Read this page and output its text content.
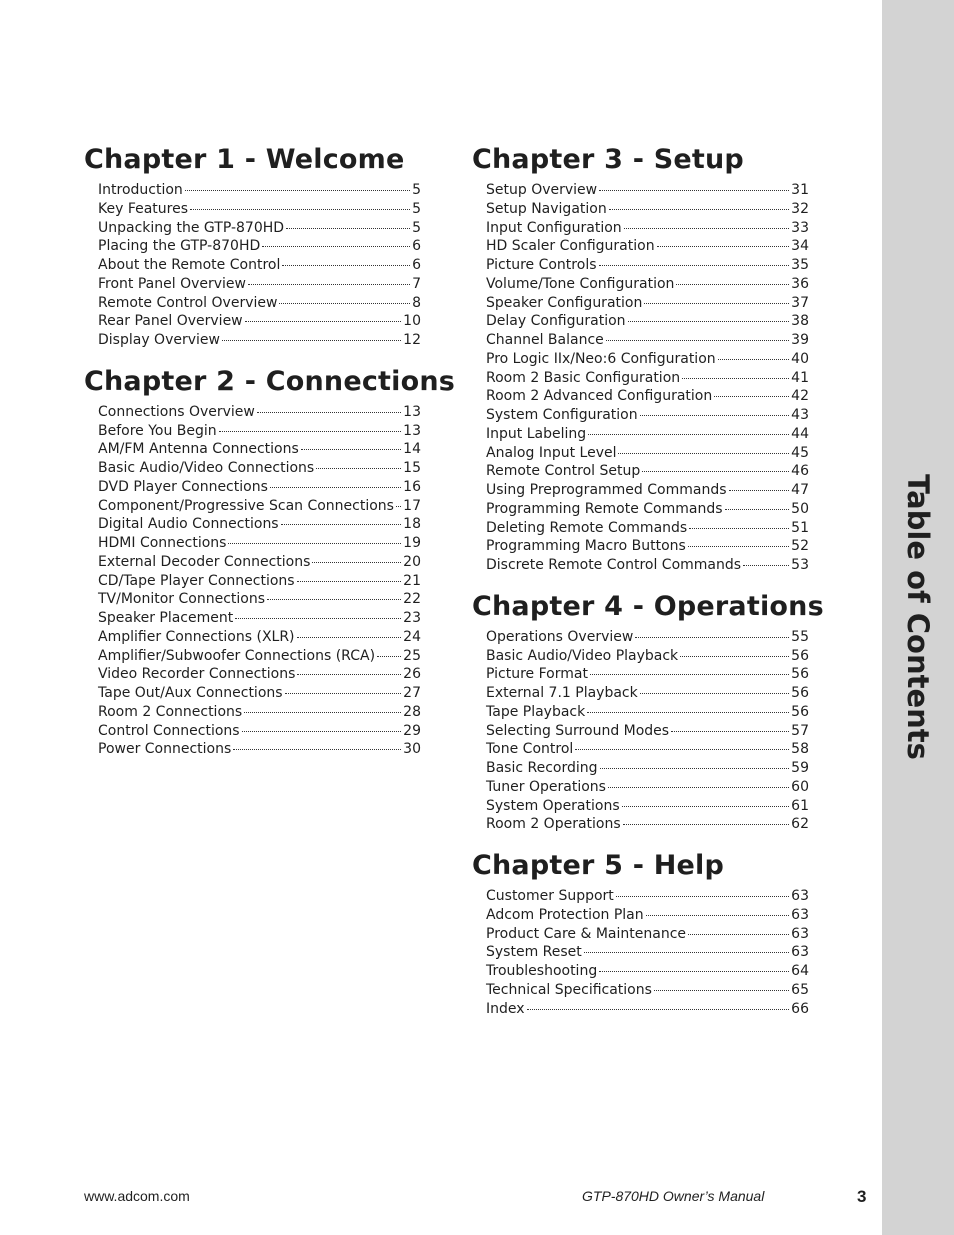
Table of Contents
Chapter 1 - Welcome
Introduction	5
Key Features	5
Unpacking the GTP-870HD	5
Placing the GTP-870HD	6
About the Remote Control	6
Front Panel Overview	7
Remote Control Overview	8
Rear Panel Overview	10
Display Overview	12
Chapter 2 - Connections
Connections Overview	13
Before You Begin	13
AM/FM Antenna Connections	14
Basic Audio/Video Connections	15
DVD Player Connections	16
Component/Progressive Scan Connections 17
Digital Audio Connections	18
HDMI Connections	19
External Decoder Connections	20
CD/Tape Player Connections	21
TV/Monitor Connections	22
Speaker Placement	23
Amplifier Connections (XLR)	24
Amplifier/Subwoofer Connections (RCA) 25
Video Recorder Connections	26
Tape Out/Aux Connections	27
Room 2 Connections	28
Control Connections	29
Power Connections	30
Chapter 3 - Setup
Setup Overview	31
Setup Navigation	32
Input Configuration	33
HD Scaler Configuration	34
Picture Controls	35
Volume/Tone Configuration	36
Speaker Configuration	37
Delay Configuration	38
Channel Balance	39
Pro Logic IIx/Neo:6 Configuration	40
Room 2 Basic Configuration	41
Room 2 Advanced Configuration	42
System Configuration	43
Input Labeling	44
Analog Input Level	45
Remote Control Setup	46
Using Preprogrammed Commands	47
Programming Remote Commands	50
Deleting Remote Commands	51
Programming Macro Buttons	52
Discrete Remote Control Commands	53
Chapter 4 - Operations
Operations Overview	55
Basic Audio/Video Playback	56
Picture Format	56
External 7.1 Playback	56
Tape Playback	56
Selecting Surround Modes	57
Tone Control	58
Basic Recording	59
Tuner Operations	60
System Operations	61
Room 2 Operations	62
Chapter 5 - Help
Customer Support	63
Adcom Protection Plan	63
Product Care & Maintenance	63
System Reset	63
Troubleshooting	64
Technical Specifications	65
Index	66
www.adcom.com	GTP-870HD Owner’s Manual	3
